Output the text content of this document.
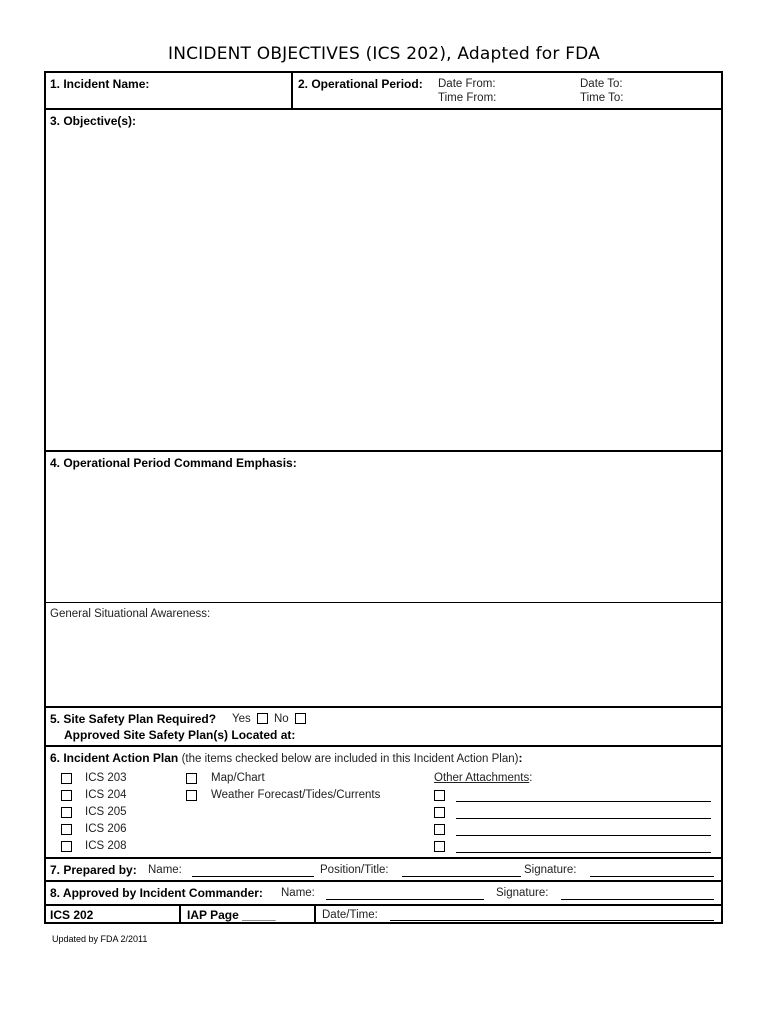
INCIDENT OBJECTIVES (ICS 202), Adapted for FDA
1. Incident Name:	2. Operational Period: Date From:	Date To:
Time From:	Time To:
3. Objective(s):
4. Operational Period Command Emphasis:
General Situational Awareness:
5. Site Safety Plan Required? Yes No
Approved Site Safety Plan(s) Located at:
6. Incident Action Plan (the items checked below are included in this Incident Action Plan):
ICS 203
ICS 204
ICS 205
ICS 206
ICS 208
Map/Chart
Weather Forecast/Tides/Currents
Other Attachments:
7. Prepared by: Name:	Position/Title:	Signature:
8. Approved by Incident Commander: Name:	Signature:
ICS 202	IAP Page _____	Date/Time:
Updated by FDA 2/2011
